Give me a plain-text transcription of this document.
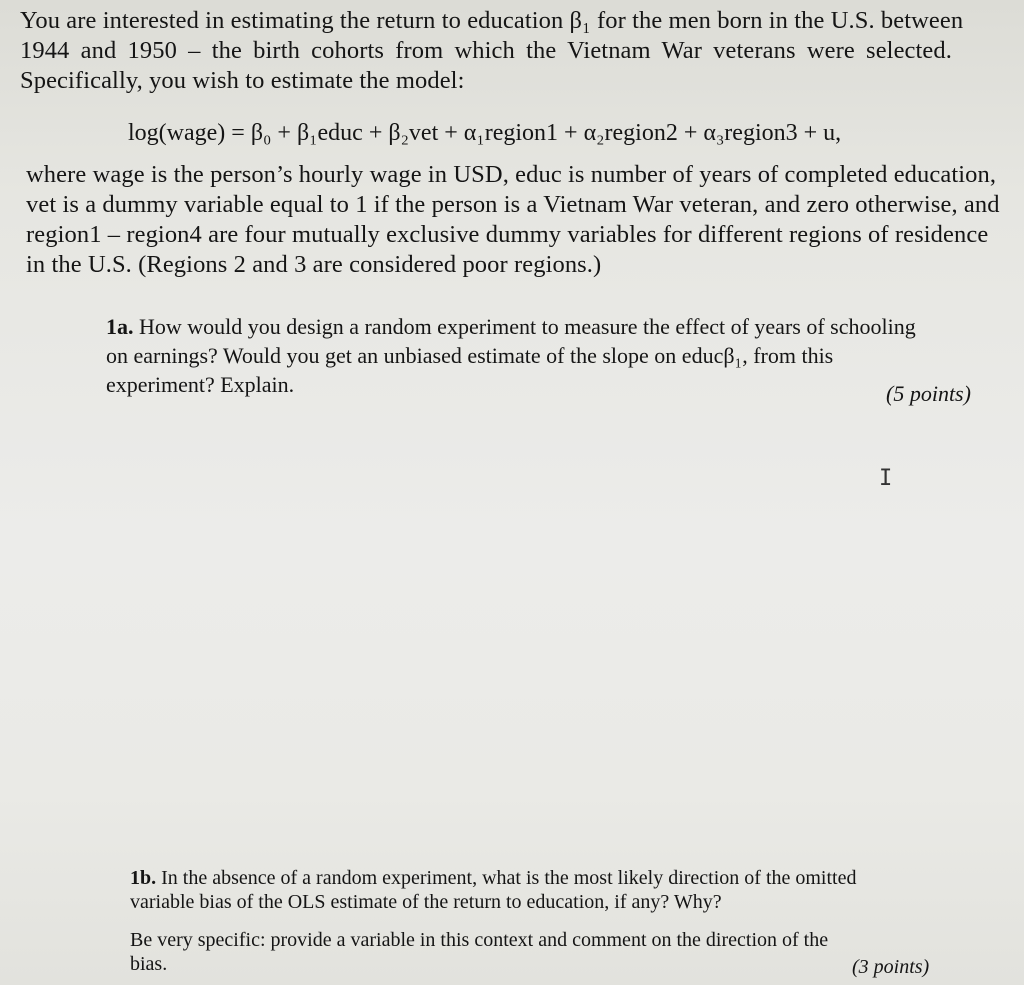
You are interested in estimating the return to education β₁ for the men born in the U.S. between
1944 and 1950 – the birth cohorts from which the Vietnam War veterans were selected.
Specifically, you wish to estimate the model:
log(wage) = β₀ + β₁educ + β₂vet + α₁region1 + α₂region2 + α₃region3 + u,
where wage is the person’s hourly wage in USD, educ is number of years of completed education,
vet is a dummy variable equal to 1 if the person is a Vietnam War veteran, and zero otherwise, and
region1 – region4 are four mutually exclusive dummy variables for different regions of residence
in the U.S. (Regions 2 and 3 are considered poor regions.)
1a. How would you design a random experiment to measure the effect of years of schooling
on earnings? Would you get an unbiased estimate of the slope on educβ₁, from this
experiment? Explain.	(5 points)
I
1b. In the absence of a random experiment, what is the most likely direction of the omitted
variable bias of the OLS estimate of the return to education, if any? Why?
Be very specific: provide a variable in this context and comment on the direction of the
bias.	(3 points)
